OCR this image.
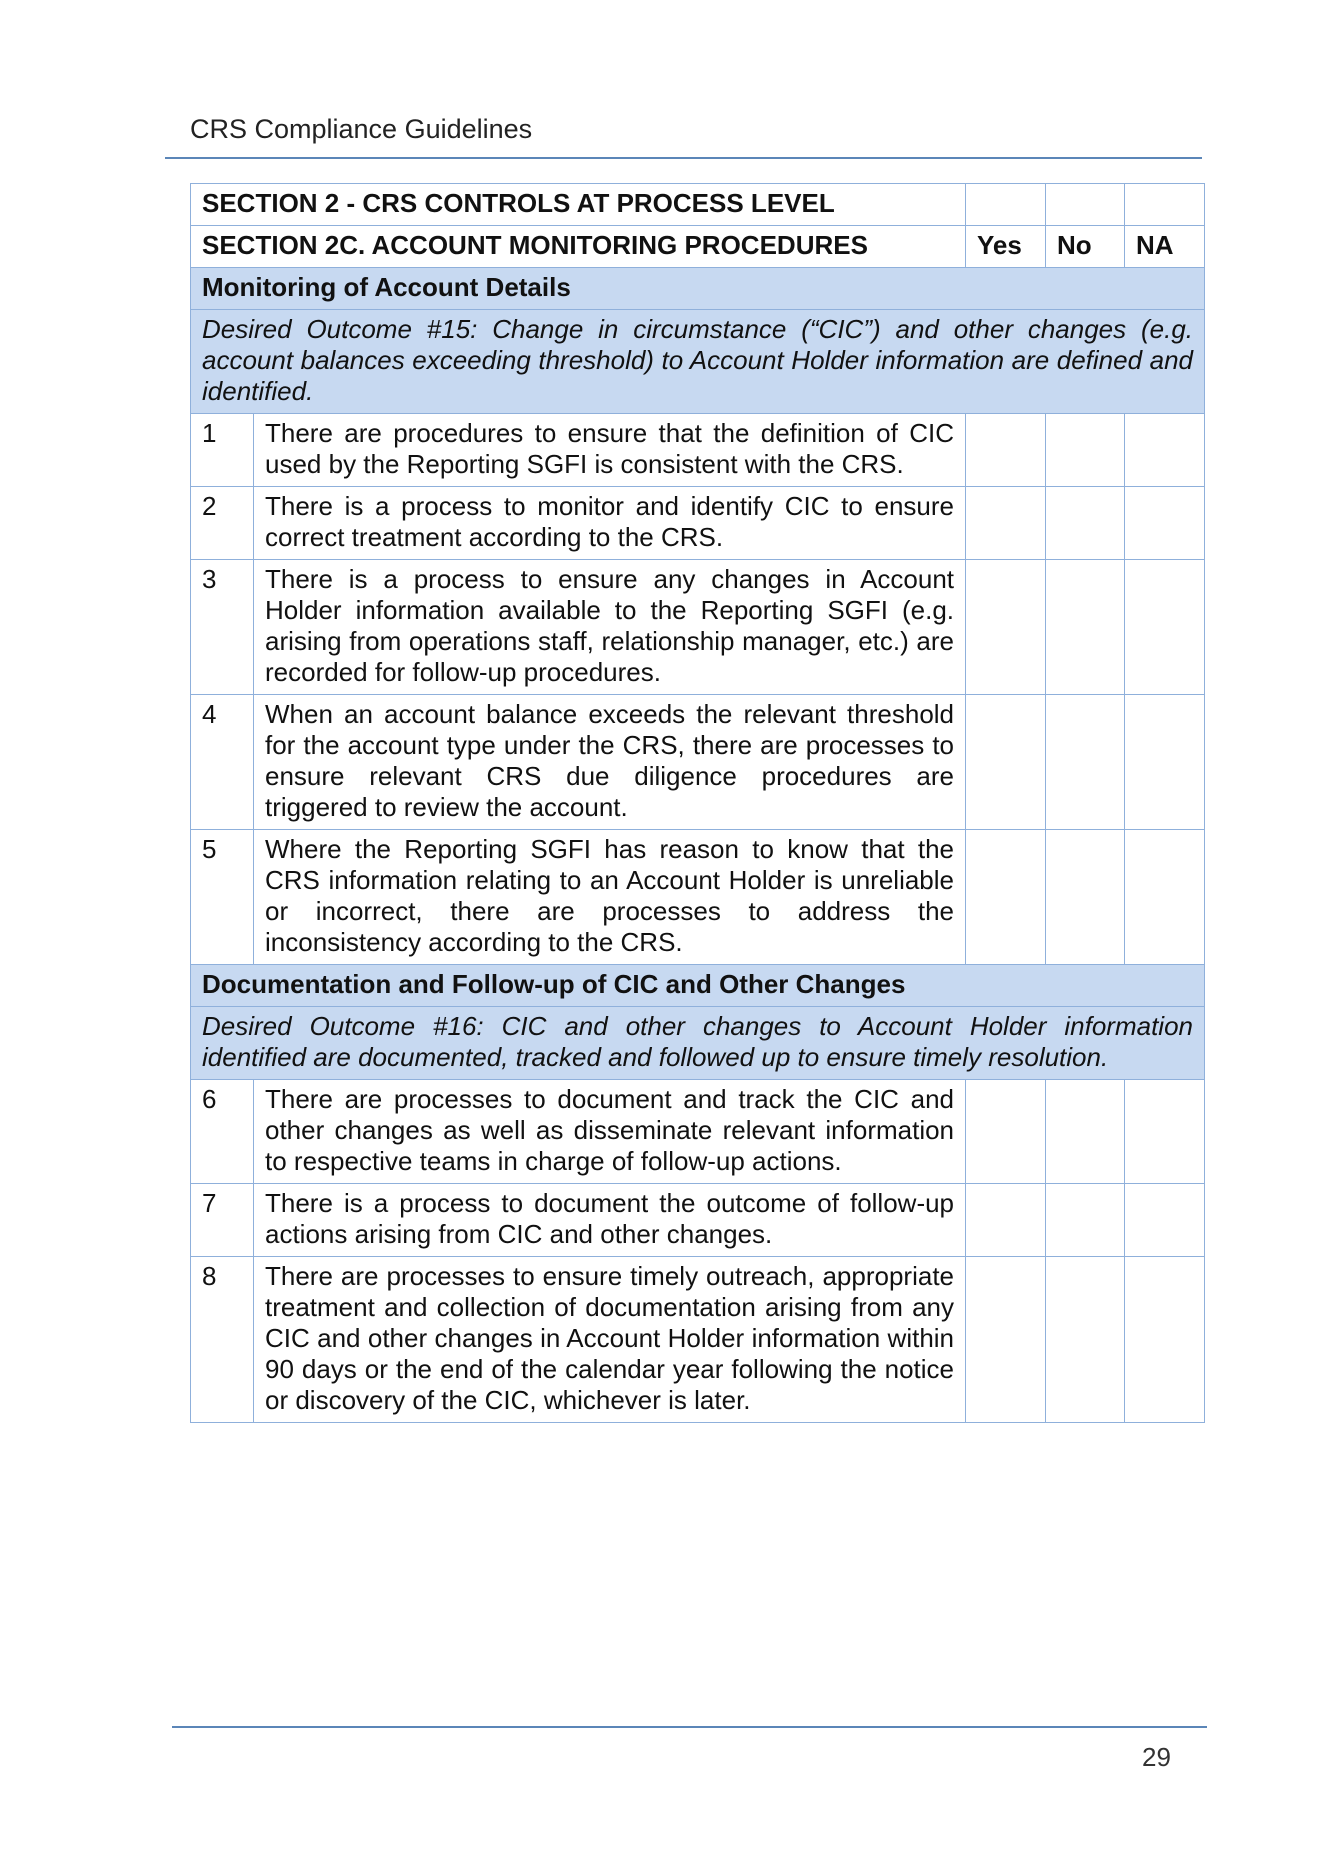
CRS Compliance Guidelines
SECTION 2 - CRS CONTROLS AT PROCESS LEVEL				
SECTION 2C. ACCOUNT MONITORING PROCEDURES		Yes	No	NA
Monitoring of Account Details				
Desired Outcome #15: Change in circumstance (“CIC”) and other changes (e.g. account balances exceeding threshold) to Account Holder information are defined and identified.				
1	There are procedures to ensure that the definition of CIC used by the Reporting SGFI is consistent with the CRS.			
2	There is a process to monitor and identify CIC to ensure correct treatment according to the CRS.			
3	There is a process to ensure any changes in Account Holder information available to the Reporting SGFI (e.g. arising from operations staff, relationship manager, etc.) are recorded for follow-up procedures.			
4	When an account balance exceeds the relevant threshold for the account type under the CRS, there are processes to ensure relevant CRS due diligence procedures are triggered to review the account.			
5	Where the Reporting SGFI has reason to know that the CRS information relating to an Account Holder is unreliable or incorrect, there are processes to address the inconsistency according to the CRS.			
Documentation and Follow-up of CIC and Other Changes				
Desired Outcome #16: CIC and other changes to Account Holder information identified are documented, tracked and followed up to ensure timely resolution.				
6	There are processes to document and track the CIC and other changes as well as disseminate relevant information to respective teams in charge of follow-up actions.			
7	There is a process to document the outcome of follow-up actions arising from CIC and other changes.			
8	There are processes to ensure timely outreach, appropriate treatment and collection of documentation arising from any CIC and other changes in Account Holder information within 90 days or the end of the calendar year following the notice or discovery of the CIC, whichever is later.			
29
